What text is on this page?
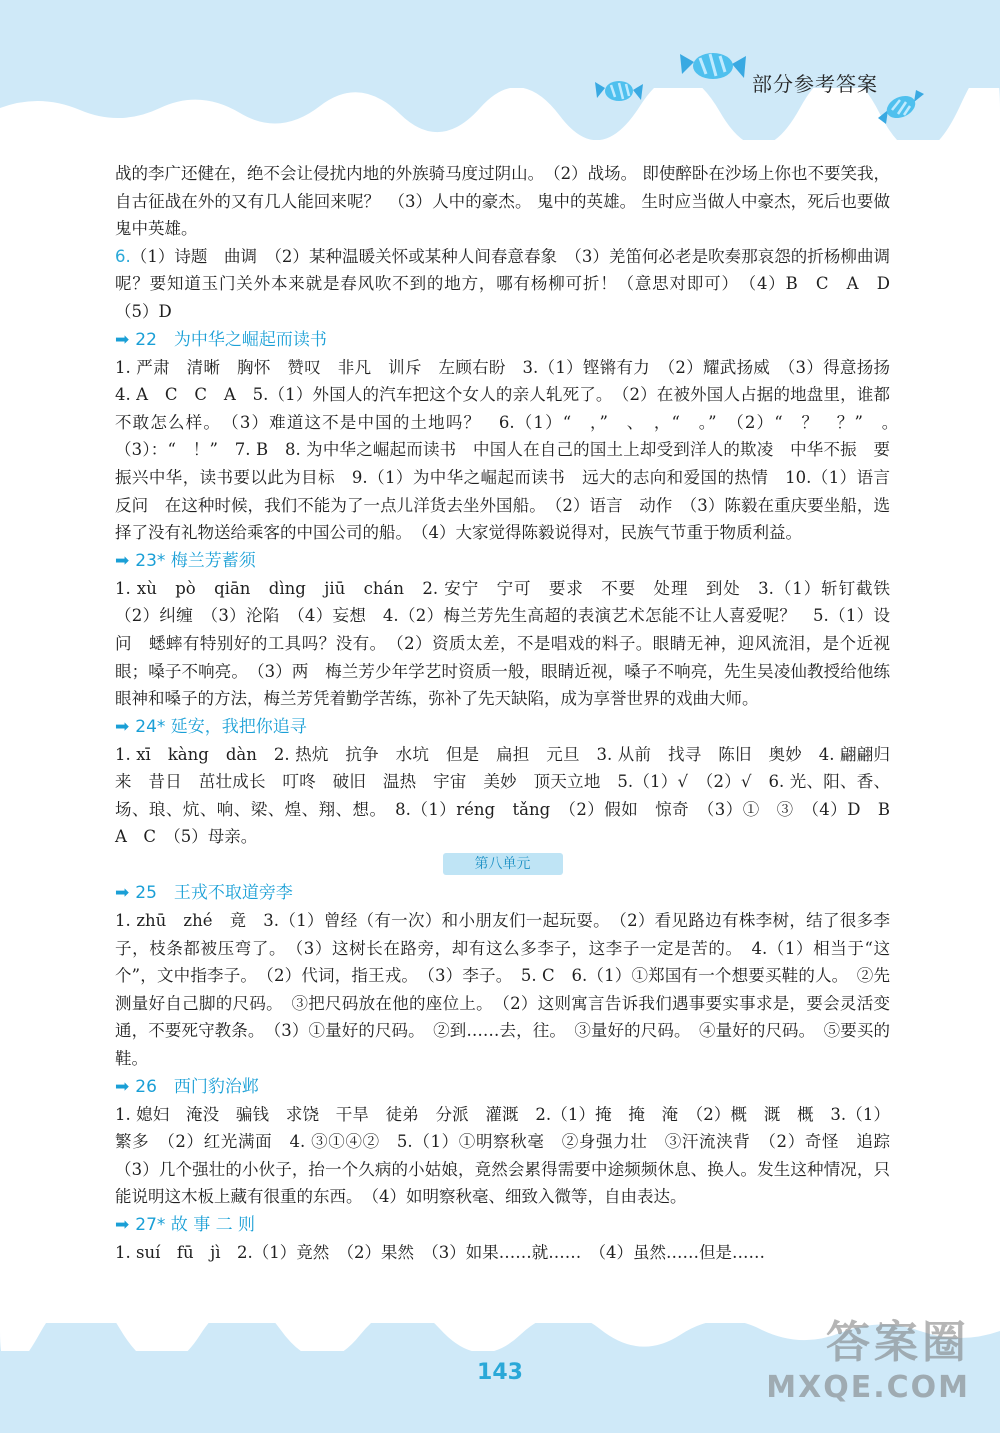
部分参考答案

战的李广还健在，绝不会让侵扰内地的外族骑马度过阴山。　（2）战场。 即使醉卧在沙场上你也不要笑我，自古征战在外的又有几人能回来呢？　（3）人中的豪杰。 鬼中的英雄。 生时应当做人中豪杰，死后也要做鬼中英雄。

6.（1）诗题　曲调　（2）某种温暖关怀或某种人间春意春象　（3）羌笛何必老是吹奏那哀怨的折杨柳曲调呢？要知道玉门关外本来就是春风吹不到的地方，哪有杨柳可折！（意思对即可）　（4）B　C　A　D　（5）D

➡ 22　为中华之崛起而读书

1. 严肃　清晰　胸怀　赞叹　非凡　训斥　左顾右盼　3.（1）铿锵有力　（2）耀武扬威　（3）得意扬扬　4. A　C　C　A　5.（1）外国人的汽车把这个女人的亲人轧死了。　（2）在被外国人占据的地盘里，谁都不敢怎么样。　（3）难道这不是中国的土地吗？　6.（1）“　，”　、　，“　。”　（2）“　？　？”　。　（3）：“　！”　7. B　8. 为中华之崛起而读书　中国人在自己的国土上却受到洋人的欺凌　中华不振　要振兴中华，读书要以此为目标　9.（1）为中华之崛起而读书　远大的志向和爱国的热情　10.（1）语言　反问　在这种时候，我们不能为了一点儿洋货去坐外国船。　（2）语言　动作　（3）陈毅在重庆要坐船，选择了没有礼物送给乘客的中国公司的船。　（4）大家觉得陈毅说得对，民族气节重于物质利益。

➡ 23* 梅兰芳蓄须

1. xù　pò　qiān　dìng　jiū　chán　2. 安宁　宁可　要求　不要　处理　到处　3.（1）斩钉截铁　（2）纠缠　（3）沦陷　（4）妄想　4.（2）梅兰芳先生高超的表演艺术怎能不让人喜爱呢？　5.（1）设问　蟋蟀有特别好的工具吗？没有。　（2）资质太差，不是唱戏的料子。眼睛无神，迎风流泪，是个近视眼；嗓子不响亮。　（3）两　梅兰芳少年学艺时资质一般，眼睛近视，嗓子不响亮，先生吴凌仙教授给他练眼神和嗓子的方法，梅兰芳凭着勤学苦练，弥补了先天缺陷，成为享誉世界的戏曲大师。

➡ 24* 延安，我把你追寻

1. xī　kàng　dàn　2. 热炕　抗争　水坑　但是　扁担　元旦　3. 从前　找寻　陈旧　奥妙　4. 翩翩归来　昔日　茁壮成长　叮咚　破旧　温热　宇宙　美妙　顶天立地　5.（1）√　（2）√　6. 光、阳、香、场、琅、炕、响、梁、煌、翔、想。　8.（1）réng　tǎng　（2）假如　惊奇　（3）①　③　（4）D　B　A　C　（5）母亲。

第八单元

➡ 25　王戎不取道旁李

1. zhū　zhé　竟　3.（1）曾经（有一次）和小朋友们一起玩耍。　（2）看见路边有株李树，结了很多李子，枝条都被压弯了。　（3）这树长在路旁，却有这么多李子，这李子一定是苦的。　4.（1）相当于“这个”，文中指李子。　（2）代词，指王戎。　（3）李子。　5. C　6.（1）①郑国有一个想要买鞋的人。　②先测量好自己脚的尺码。　③把尺码放在他的座位上。　（2）这则寓言告诉我们遇事要实事求是，要会灵活变通，不要死守教条。　（3）①量好的尺码。　②到……去，往。　③量好的尺码。　④量好的尺码。　⑤要买的鞋。

➡ 26　西门豹治邺

1. 媳妇　淹没　骗钱　求饶　干旱　徒弟　分派　灌溉　2.（1）掩　掩　淹　（2）概　溉　概　3.（1）繁多　（2）红光满面　4. ③①④②　5.（1）①明察秋毫　②身强力壮　③汗流浃背　（2）奇怪　追踪　（3）几个强壮的小伙子，抬一个久病的小姑娘，竟然会累得需要中途频频休息、换人。发生这种情况，只能说明这木板上藏有很重的东西。　（4）如明察秋毫、细致入微等，自由表达。

➡ 27* 故 事 二 则

1. suí　fū　jì　2.（1）竟然　（2）果然　（3）如果……就……　（4）虽然……但是……

143
答案圈
MXQE.COM
